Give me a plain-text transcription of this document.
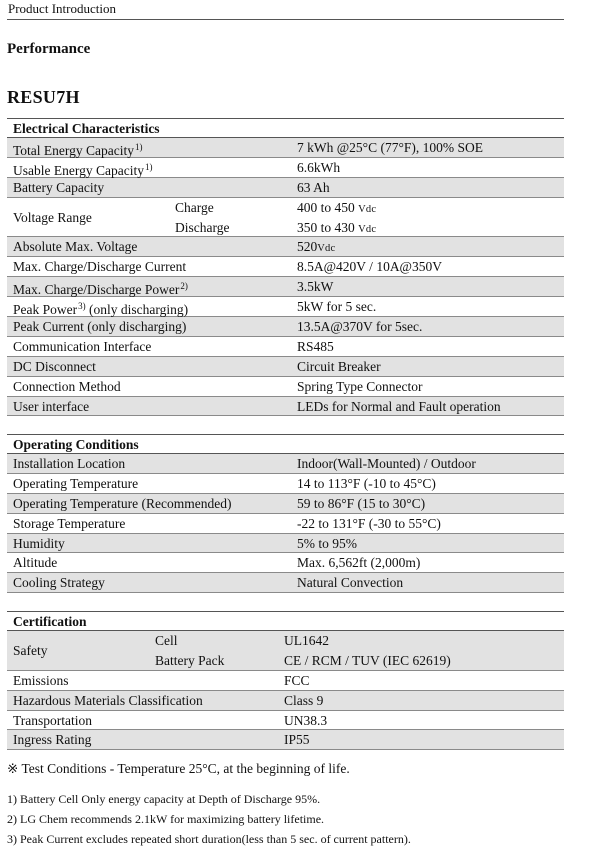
Product Introduction
Performance
RESU7H
Electrical Characteristics
Total Energy Capacity$^{1)}$	7 kWh @25°C (77°F), 100% SOE
Usable Energy Capacity$^{1)}$	6.6kWh
Battery Capacity	63 Ah
Voltage Range
Charge	400 to 450 Vdc
Discharge	350 to 430 Vdc
Absolute Max. Voltage	520Vdc
Max. Charge/Discharge Current	8.5A@420V / 10A@350V
Max. Charge/Discharge Power$^{2)}$	3.5kW
Peak Power$^{3)}$ (only discharging)	5kW for 5 sec.
Peak Current (only discharging)	13.5A@370V for 5sec.
Communication Interface	RS485
DC Disconnect	Circuit Breaker
Connection Method	Spring Type Connector
User interface	LEDs for Normal and Fault operation
Operating Conditions
Installation Location	Indoor(Wall-Mounted) / Outdoor
Operating Temperature	14 to 113°F (-10 to 45°C)
Operating Temperature (Recommended)	59 to 86°F (15 to 30°C)
Storage Temperature	-22 to 131°F (-30 to 55°C)
Humidity	5% to 95%
Altitude	Max. 6,562ft (2,000m)
Cooling Strategy	Natural Convection
Certification
Safety
Cell	UL1642
Battery Pack	CE / RCM / TUV (IEC 62619)
Emissions	FCC
Hazardous Materials Classification	Class 9
Transportation	UN38.3
Ingress Rating	IP55
※ Test Conditions - Temperature 25°C, at the beginning of life.
1) Battery Cell Only energy capacity at Depth of Discharge 95%.
2) LG Chem recommends 2.1kW for maximizing battery lifetime.
3) Peak Current excludes repeated short duration(less than 5 sec. of current pattern).
